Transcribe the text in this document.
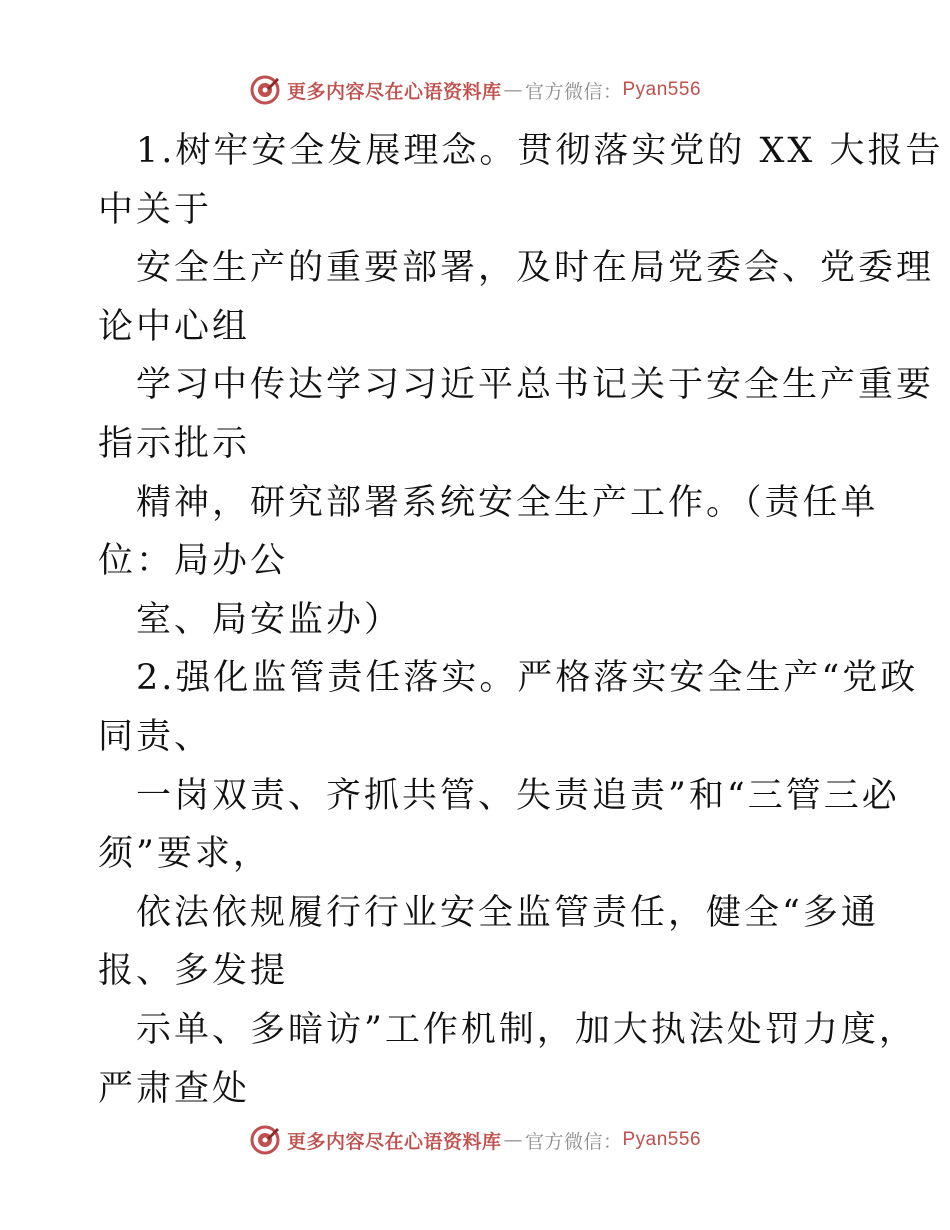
更多内容尽在心语资料库 — 官方微信： Pyan556
1.树牢安全发展理念。贯彻落实党的 XX 大报告
中关于
安全生产的重要部署，及时在局党委会、党委理
论中心组
学习中传达学习习近平总书记关于安全生产重要
指示批示
精神，研究部署系统安全生产工作。（责任单
位：局办公
室、局安监办）
2.强化监管责任落实。严格落实安全生产“党政
同责、
一岗双责、齐抓共管、失责追责”和“三管三必
须”要求，
依法依规履行行业安全监管责任，健全“多通
报、多发提
示单、多暗访”工作机制，加大执法处罚力度，
严肃查处
更多内容尽在心语资料库 — 官方微信： Pyan556
